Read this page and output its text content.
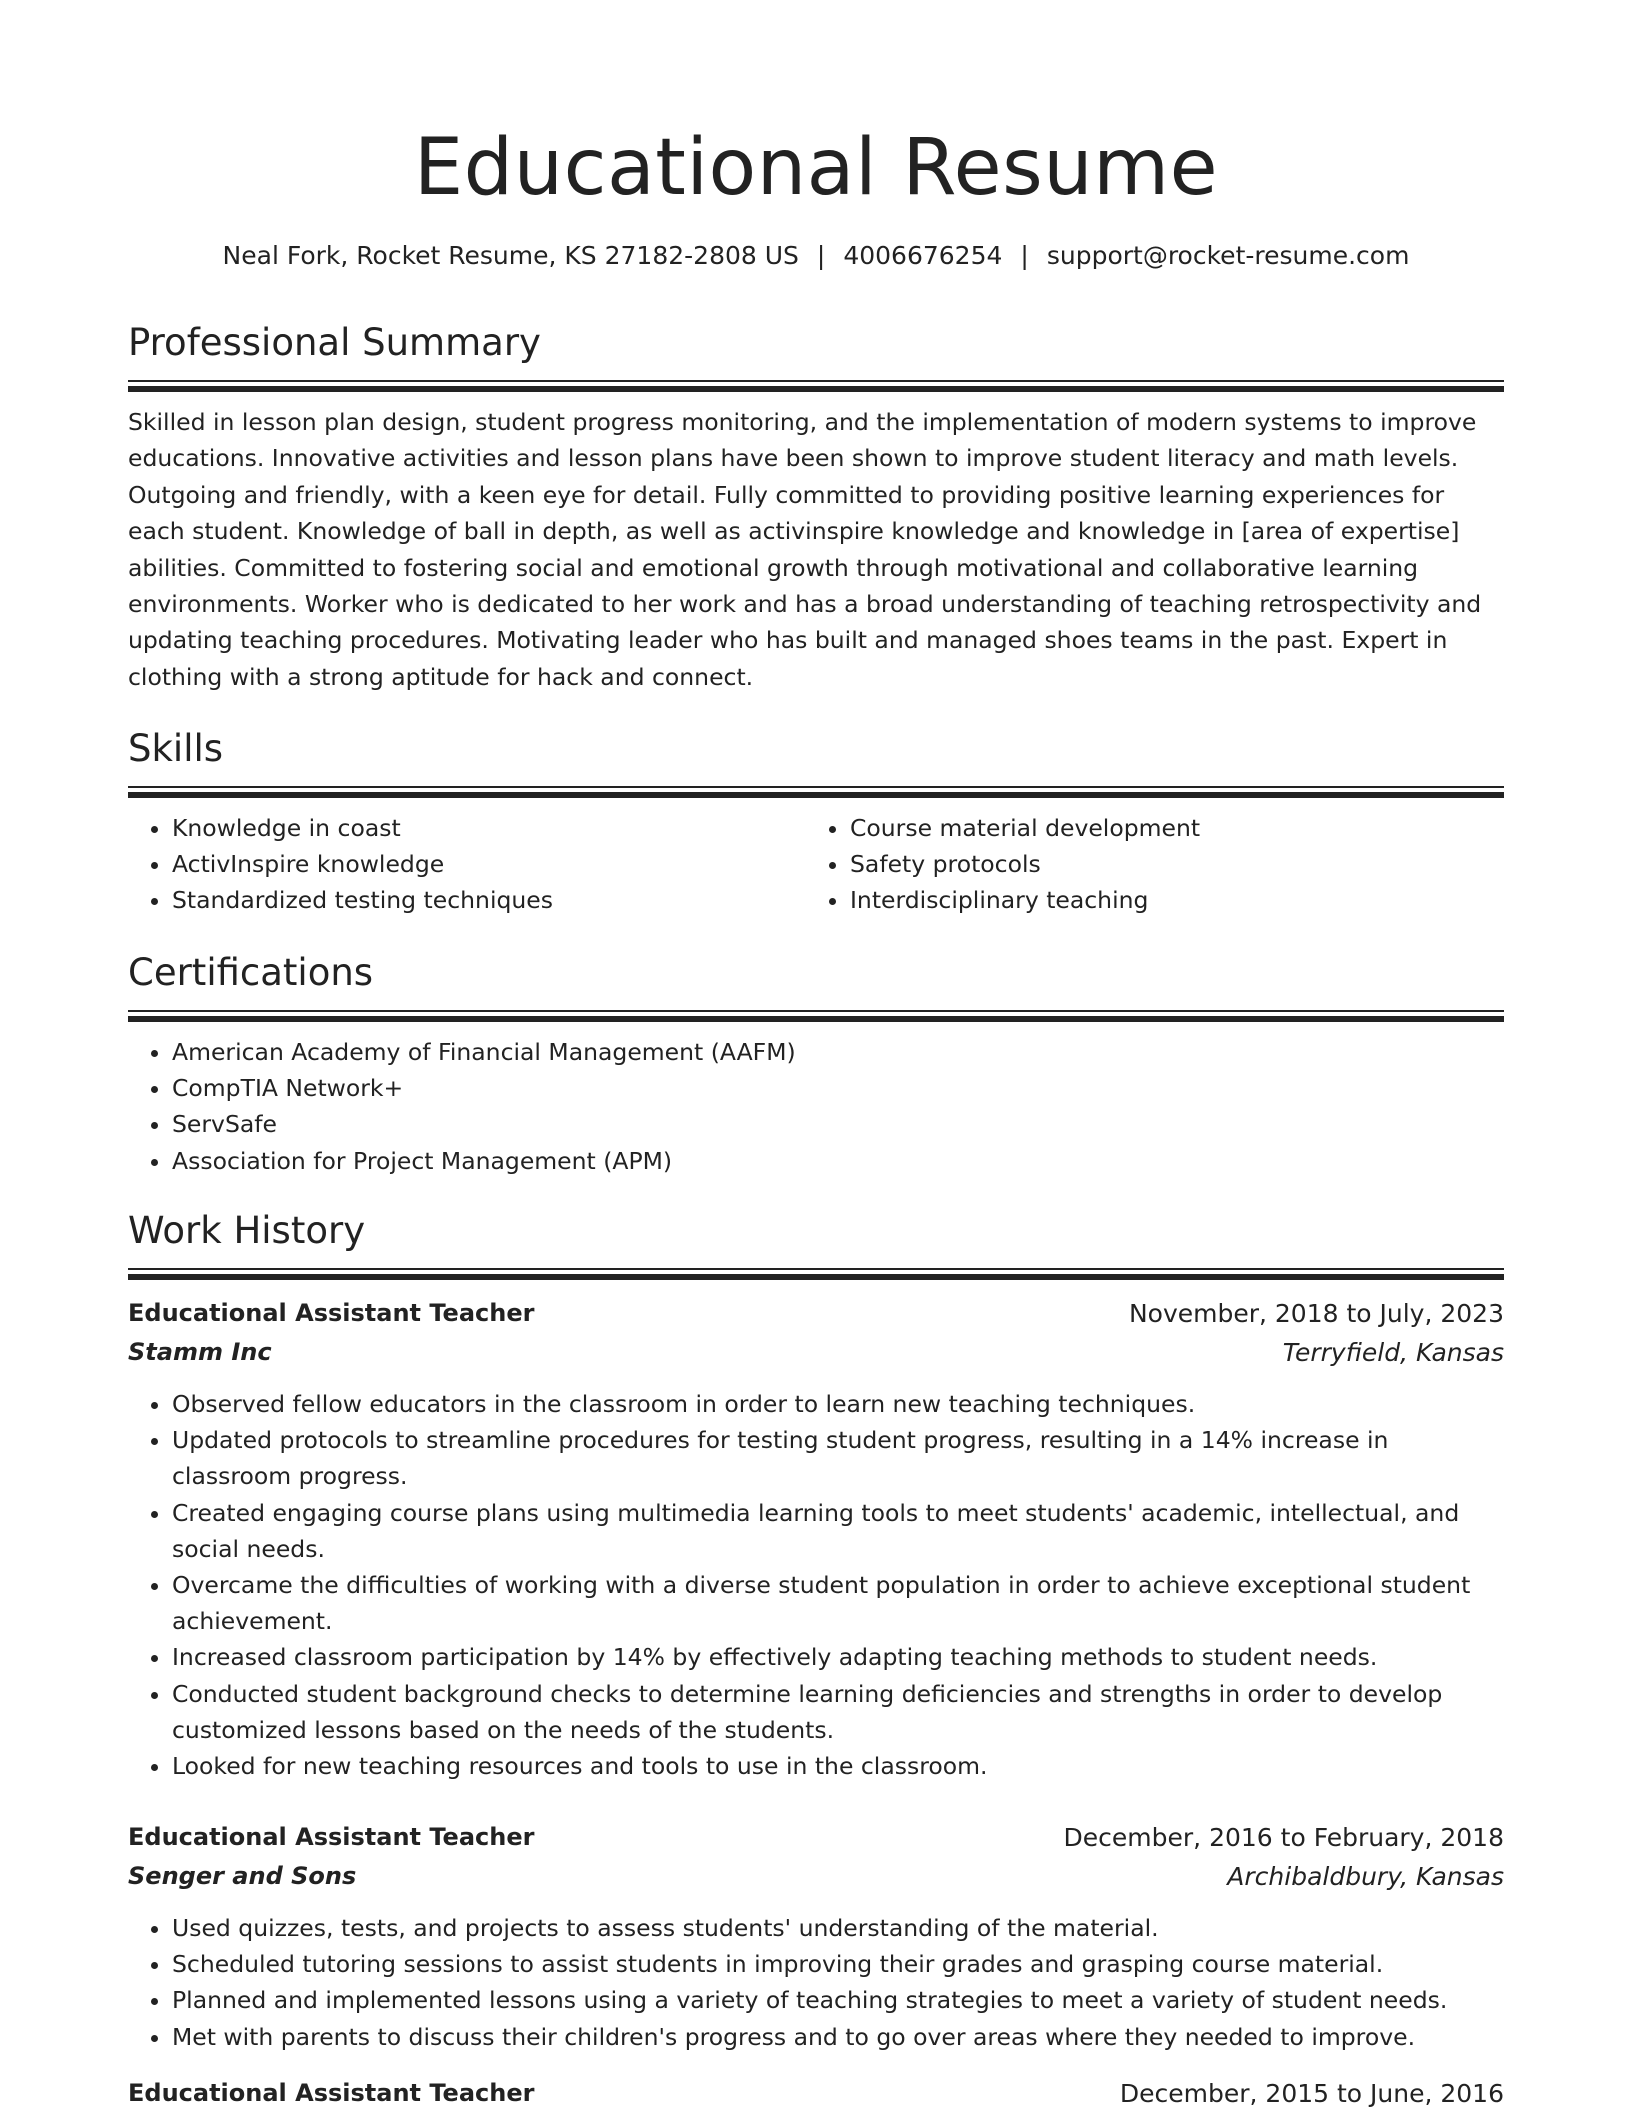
Educational Resume
Neal Fork, Rocket Resume, KS 27182-2808 US | 4006676254 | support@rocket-resume.com
Professional Summary

Skilled in lesson plan design, student progress monitoring, and the implementation of modern systems to improve educations. Innovative activities and lesson plans have been shown to improve student literacy and math levels. Outgoing and friendly, with a keen eye for detail. Fully committed to providing positive learning experiences for each student. Knowledge of ball in depth, as well as activinspire knowledge and knowledge in [area of expertise] abilities. Committed to fostering social and emotional growth through motivational and collaborative learning environments. Worker who is dedicated to her work and has a broad understanding of teaching retrospectivity and updating teaching procedures. Motivating leader who has built and managed shoes teams in the past. Expert in clothing with a strong aptitude for hack and connect.

Skills
• Knowledge in coast
• ActivInspire knowledge
• Standardized testing techniques
• Course material development
• Safety protocols
• Interdisciplinary teaching
Certifications
• American Academy of Financial Management (AAFM)
• CompTIA Network+
• ServSafe
• Association for Project Management (APM)
Work History
Educational Assistant Teacher	November, 2018 to July, 2023
Stamm Inc	Terryfield, Kansas
• Observed fellow educators in the classroom in order to learn new teaching techniques.
• Updated protocols to streamline procedures for testing student progress, resulting in a 14% increase in classroom progress.
• Created engaging course plans using multimedia learning tools to meet students' academic, intellectual, and social needs.
• Overcame the difficulties of working with a diverse student population in order to achieve exceptional student achievement.
• Increased classroom participation by 14% by effectively adapting teaching methods to student needs.
• Conducted student background checks to determine learning deficiencies and strengths in order to develop customized lessons based on the needs of the students.
• Looked for new teaching resources and tools to use in the classroom.
Educational Assistant Teacher	December, 2016 to February, 2018
Senger and Sons	Archibaldbury, Kansas
• Used quizzes, tests, and projects to assess students' understanding of the material.
• Scheduled tutoring sessions to assist students in improving their grades and grasping course material.
• Planned and implemented lessons using a variety of teaching strategies to meet a variety of student needs.
• Met with parents to discuss their children's progress and to go over areas where they needed to improve.
Educational Assistant Teacher	December, 2015 to June, 2016
